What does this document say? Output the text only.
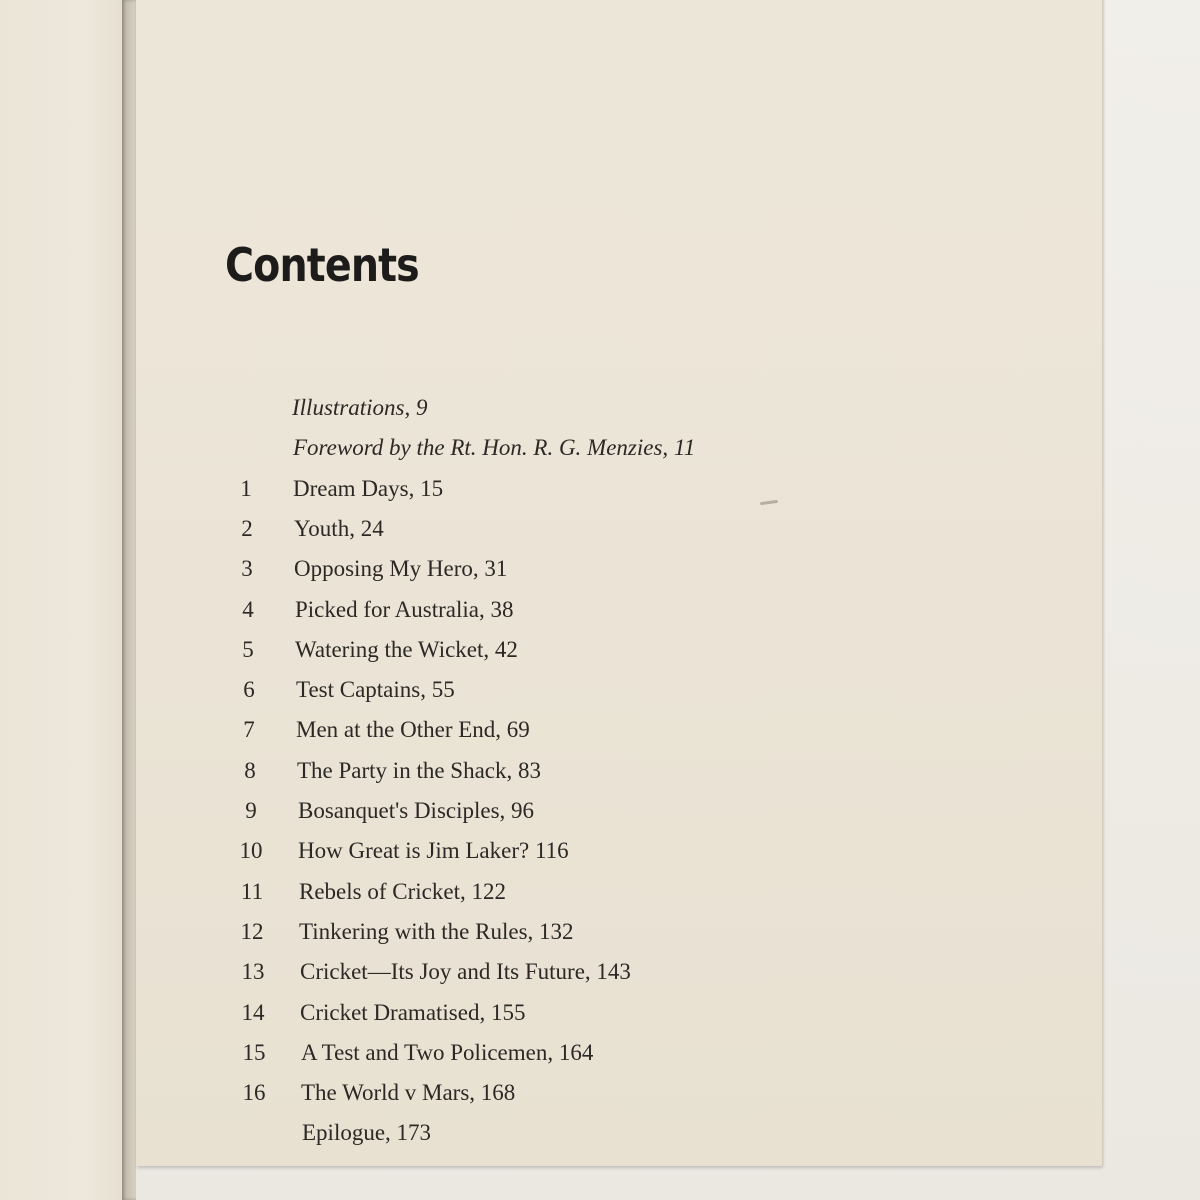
Contents
Illustrations, 9
Foreword by the Rt. Hon. R. G. Menzies, 11
1	Dream Days, 15
2	Youth, 24
3	Opposing My Hero, 31
4	Picked for Australia, 38
5	Watering the Wicket, 42
6	Test Captains, 55
7	Men at the Other End, 69
8	The Party in the Shack, 83
9	Bosanquet's Disciples, 96
10 How Great is Jim Laker? 116
11 Rebels of Cricket, 122
12 Tinkering with the Rules, 132
13 Cricket—Its Joy and Its Future, 143
14 Cricket Dramatised, 155
15 A Test and Two Policemen, 164
16 The World v Mars, 168
Epilogue, 173
